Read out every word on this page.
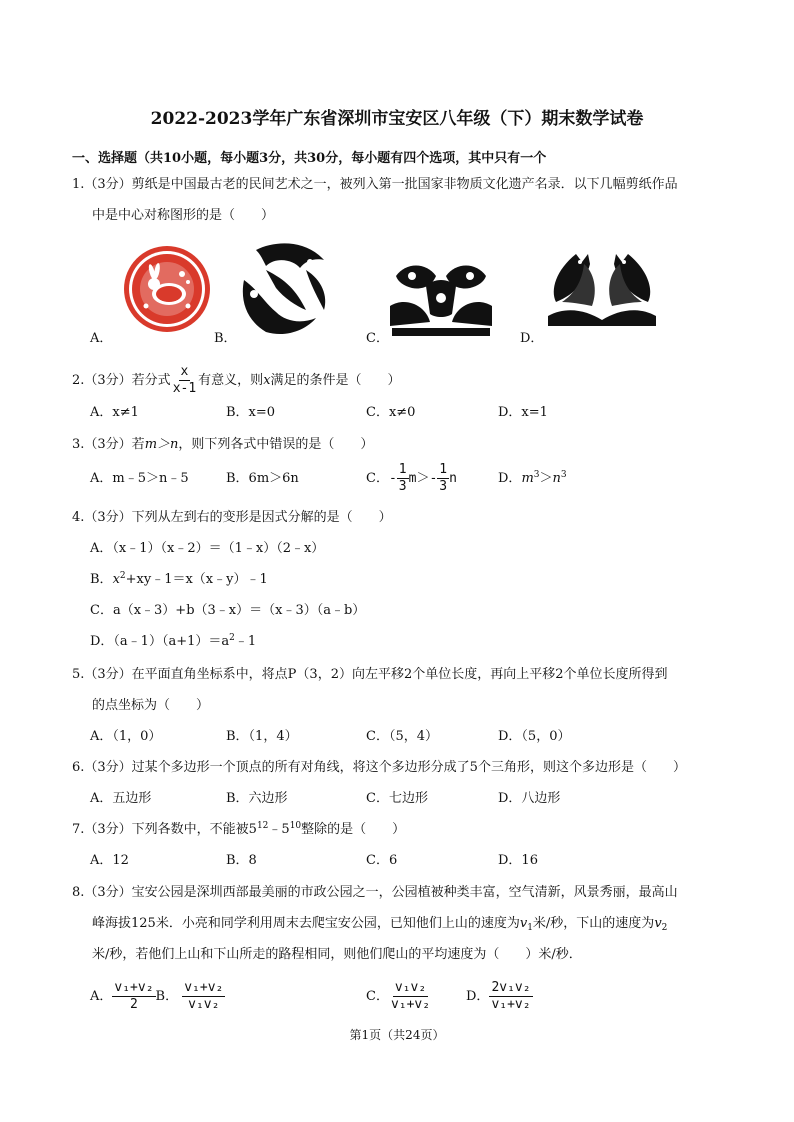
2022-2023学年广东省深圳市宝安区八年级（下）期末数学试卷
一、选择题（共10小题，每小题3分，共30分，每小题有四个选项，其中只有一个
1.（3分）剪纸是中国最古老的民间艺术之一，被列入第一批国家非物质文化遗产名录．以下几幅剪纸作品
中是中心对称图形的是（　　）
A．	B．	C．	D．
2.（3分）若分式 $\frac{x}{x-1}$ 有意义，则x满足的条件是（　　）
A．x≠1	B．x=0	C．x≠0	D．x=1
3.（3分）若m＞n，则下列各式中错误的是（　　）
A．m﹣5＞n﹣5	B．6m＞6n	C．- $\frac{1}{3} m>- \frac{1}{3}$ n	D．$m^3>n^3$
4.（3分）下列从左到右的变形是因式分解的是（　　）
A．（x﹣1）（x﹣2）＝（1﹣x）（2﹣x）
B．$x^2+xy﹣1=x(x﹣y)﹣1$
C．a（x﹣3）+b（3﹣x）＝（x﹣3）（a﹣b）
D．$(a﹣1)(a+1)=a^2﹣1$
5.（3分）在平面直角坐标系中，将点P（3，2）向左平移2个单位长度，再向上平移2个单位长度所得到
的点坐标为（　　）
A．（1，0）	B．（1，4）	C．（5，4）	D．（5，0）
6.（3分）过某个多边形一个顶点的所有对角线，将这个多边形分成了5个三角形，则这个多边形是（　　）
A．五边形	B．六边形	C．七边形	D．八边形
7.（3分）下列各数中，不能被$5^{12}﹣5^{10}$整除的是（　　）
A．12	B．8	C．6	D．16
8.（3分）宝安公园是深圳西部最美丽的市政公园之一，公园植被种类丰富，空气清新，风景秀丽，最高山
峰海拔125米．小亮和同学利用周末去爬宝安公园，已知他们上山的速度为$v_1$米/秒，下山的速度为$v_2$
米/秒，若他们上山和下山所走的路程相同，则他们爬山的平均速度为（　　）米/秒．
A． $\frac{\text{v₁+v₂}}{2}$ B． $\frac{\text{v₁+v₂}}{\text{v₁v₂}}$	C． $\frac{\text{v₁v₂}}{\text{v₁+v₂}}$	D． $\frac{\text{2v₁v₂}}{\text{v₁+v₂}}$
第1页（共24页）
